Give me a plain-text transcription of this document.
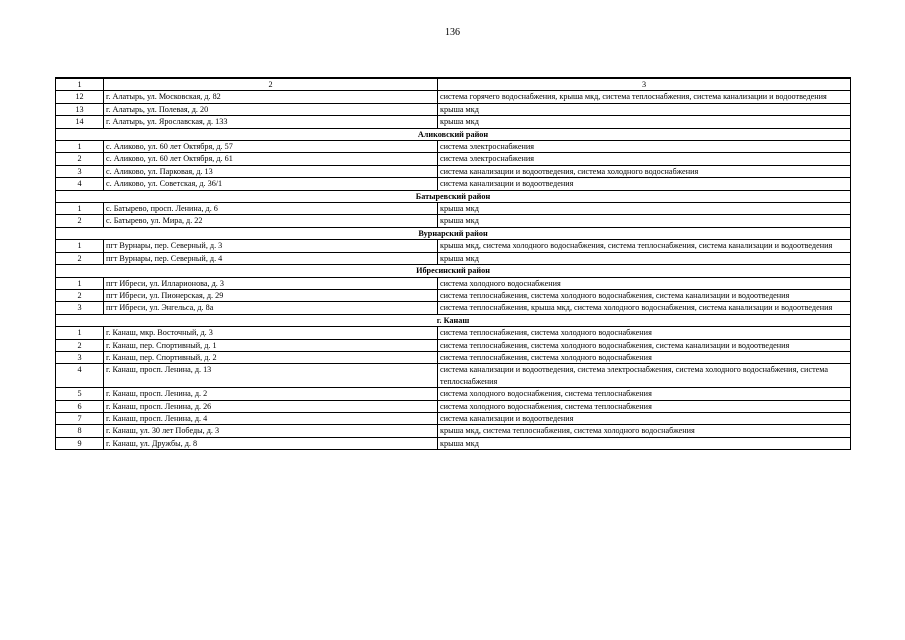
136
1	2	3
12	г. Алатырь, ул. Московская, д. 82	система горячего водоснабжения, крыша мкд, система теплоснабжения, система канализации и водоотведения
13	г. Алатырь, ул. Полевая, д. 20	крыша мкд
14	г. Алатырь, ул. Ярославская, д. 133	крыша мкд
Аликовский район		
1	с. Аликово, ул. 60 лет Октября, д. 57	система электроснабжения
2	с. Аликово, ул. 60 лет Октября, д. 61	система электроснабжения
3	с. Аликово, ул. Парковая, д. 13	система канализации и водоотведения, система холодного водоснабжения
4	с. Аликово, ул. Советская, д. 36/1	система канализации и водоотведения
Батыревский район		
1	с. Батырево, просп. Ленина, д. 6	крыша мкд
2	с. Батырево, ул. Мира, д. 22	крыша мкд
Вурнарский район		
1	пгт Вурнары, пер. Северный, д. 3	крыша мкд, система холодного водоснабжения, система теплоснабжения, система канализации и водоотведения
2	пгт Вурнары, пер. Северный, д. 4	крыша мкд
Ибресинский район		
1	пгт Ибреси, ул. Илларионова, д. 3	система холодного водоснабжения
2	пгт Ибреси, ул. Пионерская, д. 29	система теплоснабжения, система холодного водоснабжения, система канализации и водоотведения
3	пгт Ибреси, ул. Энгельса, д. 8а	система теплоснабжения, крыша мкд, система холодного водоснабжения, система канализации и водоотведения
г. Канаш		
1	г. Канаш, мкр. Восточный, д. 3	система теплоснабжения, система холодного водоснабжения
2	г. Канаш, пер. Спортивный, д. 1	система теплоснабжения, система холодного водоснабжения, система канализации и водоотведения
3	г. Канаш, пер. Спортивный, д. 2	система теплоснабжения, система холодного водоснабжения
4	г. Канаш, просп. Ленина, д. 13	система канализации и водоотведения, система электроснабжения, система холодного водоснабжения, система теплоснабжения
5	г. Канаш, просп. Ленина, д. 2	система холодного водоснабжения, система теплоснабжения
6	г. Канаш, просп. Ленина, д. 26	система холодного водоснабжения, система теплоснабжения
7	г. Канаш, просп. Ленина, д. 4	система канализации и водоотведения
8	г. Канаш, ул. 30 лет Победы, д. 3	крыша мкд, система теплоснабжения, система холодного водоснабжения
9	г. Канаш, ул. Дружбы, д. 8	крыша мкд
